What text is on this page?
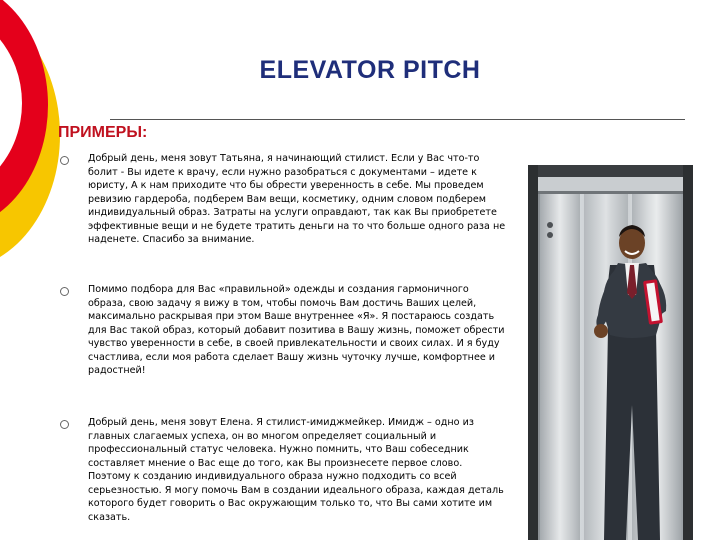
ELEVATOR PITCH
ПРИМЕРЫ:

Добрый день, меня зовут Татьяна, я начинающий стилист. Если у Вас что-то болит - Вы идете к врачу, если нужно разобраться с документами – идете к юристу, А к нам приходите что бы обрести уверенность в себе. Мы проведем ревизию гардероба, подберем Вам вещи, косметику, одним словом подберем индивидуальный образ. Затраты на услуги оправдают, так как Вы приобретете эффективные вещи и не будете тратить деньги на то что больше одного раза не наденете. Спасибо за внимание.

Помимо подбора для Вас «правильной» одежды и создания гармоничного образа, свою задачу я вижу в том, чтобы помочь Вам достичь Ваших целей, максимально раскрывая при этом Ваше внутреннее «Я». Я постараюсь создать для Вас такой образ, который добавит позитива в Вашу жизнь, поможет обрести чувство уверенности в себе, в своей привлекательности и своих силах. И я буду счастлива, если моя работа сделает Вашу жизнь чуточку лучше, комфортнее и радостней!

Добрый день, меня зовут Елена. Я стилист-имиджмейкер. Имидж – одно из главных слагаемых успеха, он во многом определяет социальный и профессиональный статус человека. Нужно помнить, что Ваш собеседник составляет мнение о Вас еще до того, как Вы произнесете первое слово. Поэтому к созданию индивидуального образа нужно подходить со всей серьезностью. Я могу помочь Вам в создании идеального образа, каждая деталь которого будет говорить о Вас окружающим только то, что Вы сами хотите им сказать.
